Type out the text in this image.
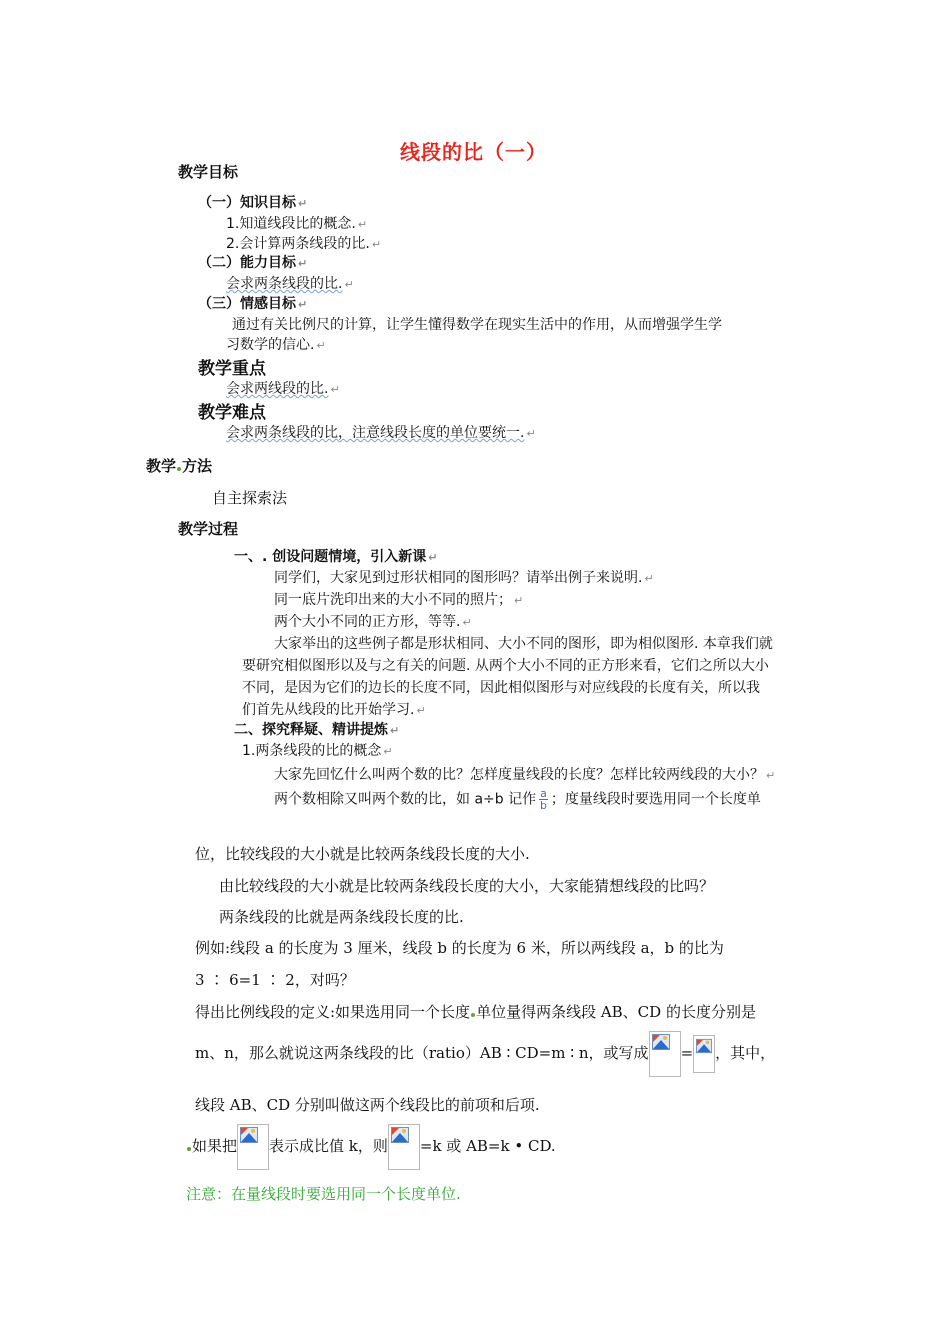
线段的比（一）
教学目标
（一）知识目标 ↵
1.知道线段比的概念. ↵
2.会计算两条线段的比. ↵
（二）能力目标 ↵
会求两条线段的比. ↵
（三）情感目标 ↵
通过有关比例尺的计算，让学生懂得数学在现实生活中的作用，从而增强学生学
习数学的信心. ↵
教学重点
会求两线段的比. ↵
教学难点
会求两条线段的比，注意线段长度的单位要统一. ↵
教学 方法
自主探索法
教学过程
一、. 创设问题情境，引入新课 ↵
同学们，大家见到过形状相同的图形吗？请举出例子来说明. ↵
同一底片洗印出来的大小不同的照片； ↵
两个大小不同的正方形，等等. ↵
大家举出的这些例子都是形状相同、大小不同的图形，即为相似图形. 本章我们就
要研究相似图形以及与之有关的问题. 从两个大小不同的正方形来看，它们之所以大小
不同，是因为它们的边长的长度不同，因此相似图形与对应线段的长度有关，所以我
们首先从线段的比开始学习. ↵
二、探究释疑、精讲提炼 ↵
1.两条线段的比的概念 ↵
大家先回忆什么叫两个数的比？怎样度量线段的长度？怎样比较两线段的大小？ ↵
两个数相除又叫两个数的比，如 a÷b 记作 $\frac{a}{b}$ ；度量线段时要选用同一个长度单
位，比较线段的大小就是比较两条线段长度的大小.
由比较线段的大小就是比较两条线段长度的大小，大家能猜想线段的比吗？
两条线段的比就是两条线段长度的比.
例如:线段 a 的长度为 3 厘米，线段 b 的长度为 6 米，所以两线段 a，b 的比为
3 ∶ 6=1 ∶ 2，对吗？
得出比例线段的定义:如果选用同一个长度 单位量得两条线段 AB、CD 的长度分别是
m、n，那么就说这两条线段的比（ratio）AB ∶ CD=m ∶ n，或写成 = ，其中，
线段 AB、CD 分别叫做这两个线段比的前项和后项.
如果把 表示成比值 k，则 =k 或 AB=k • CD.
注意：在量线段时要选用同一个长度单位.
